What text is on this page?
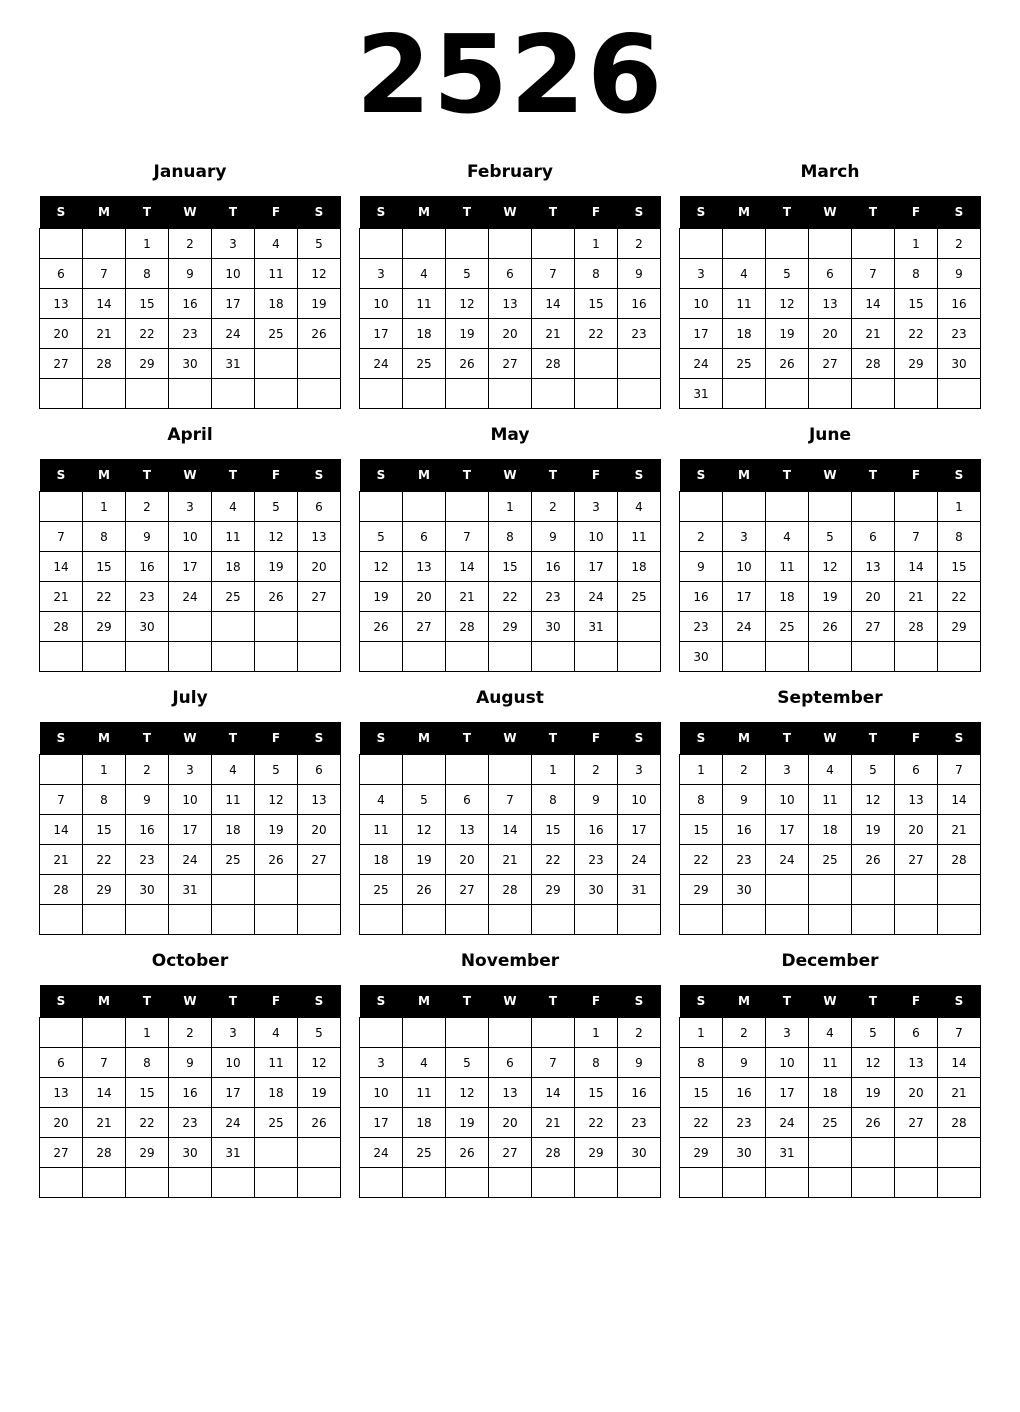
2526
January
S	M	T	W	T	F	S
		1	2	3	4	5
6	7	8	9	10	11	12
13	14	15	16	17	18	19
20	21	22	23	24	25	26
27	28	29	30	31		

February
S	M	T	W	T	F	S
					1	2
3	4	5	6	7	8	9
10	11	12	13	14	15	16
17	18	19	20	21	22	23
24	25	26	27	28		

March
S	M	T	W	T	F	S
					1	2
3	4	5	6	7	8	9
10	11	12	13	14	15	16
17	18	19	20	21	22	23
24	25	26	27	28	29	30
31						
April
S	M	T	W	T	F	S
	1	2	3	4	5	6
7	8	9	10	11	12	13
14	15	16	17	18	19	20
21	22	23	24	25	26	27
28	29	30				

May
S	M	T	W	T	F	S
			1	2	3	4
5	6	7	8	9	10	11
12	13	14	15	16	17	18
19	20	21	22	23	24	25
26	27	28	29	30	31	

June
S	M	T	W	T	F	S
						1
2	3	4	5	6	7	8
9	10	11	12	13	14	15
16	17	18	19	20	21	22
23	24	25	26	27	28	29
30						
July
S	M	T	W	T	F	S
	1	2	3	4	5	6
7	8	9	10	11	12	13
14	15	16	17	18	19	20
21	22	23	24	25	26	27
28	29	30	31			

August
S	M	T	W	T	F	S
				1	2	3
4	5	6	7	8	9	10
11	12	13	14	15	16	17
18	19	20	21	22	23	24
25	26	27	28	29	30	31

September
S	M	T	W	T	F	S
1	2	3	4	5	6	7
8	9	10	11	12	13	14
15	16	17	18	19	20	21
22	23	24	25	26	27	28
29	30					

October
S	M	T	W	T	F	S
		1	2	3	4	5
6	7	8	9	10	11	12
13	14	15	16	17	18	19
20	21	22	23	24	25	26
27	28	29	30	31		

November
S	M	T	W	T	F	S
					1	2
3	4	5	6	7	8	9
10	11	12	13	14	15	16
17	18	19	20	21	22	23
24	25	26	27	28	29	30

December
S	M	T	W	T	F	S
1	2	3	4	5	6	7
8	9	10	11	12	13	14
15	16	17	18	19	20	21
22	23	24	25	26	27	28
29	30	31				
